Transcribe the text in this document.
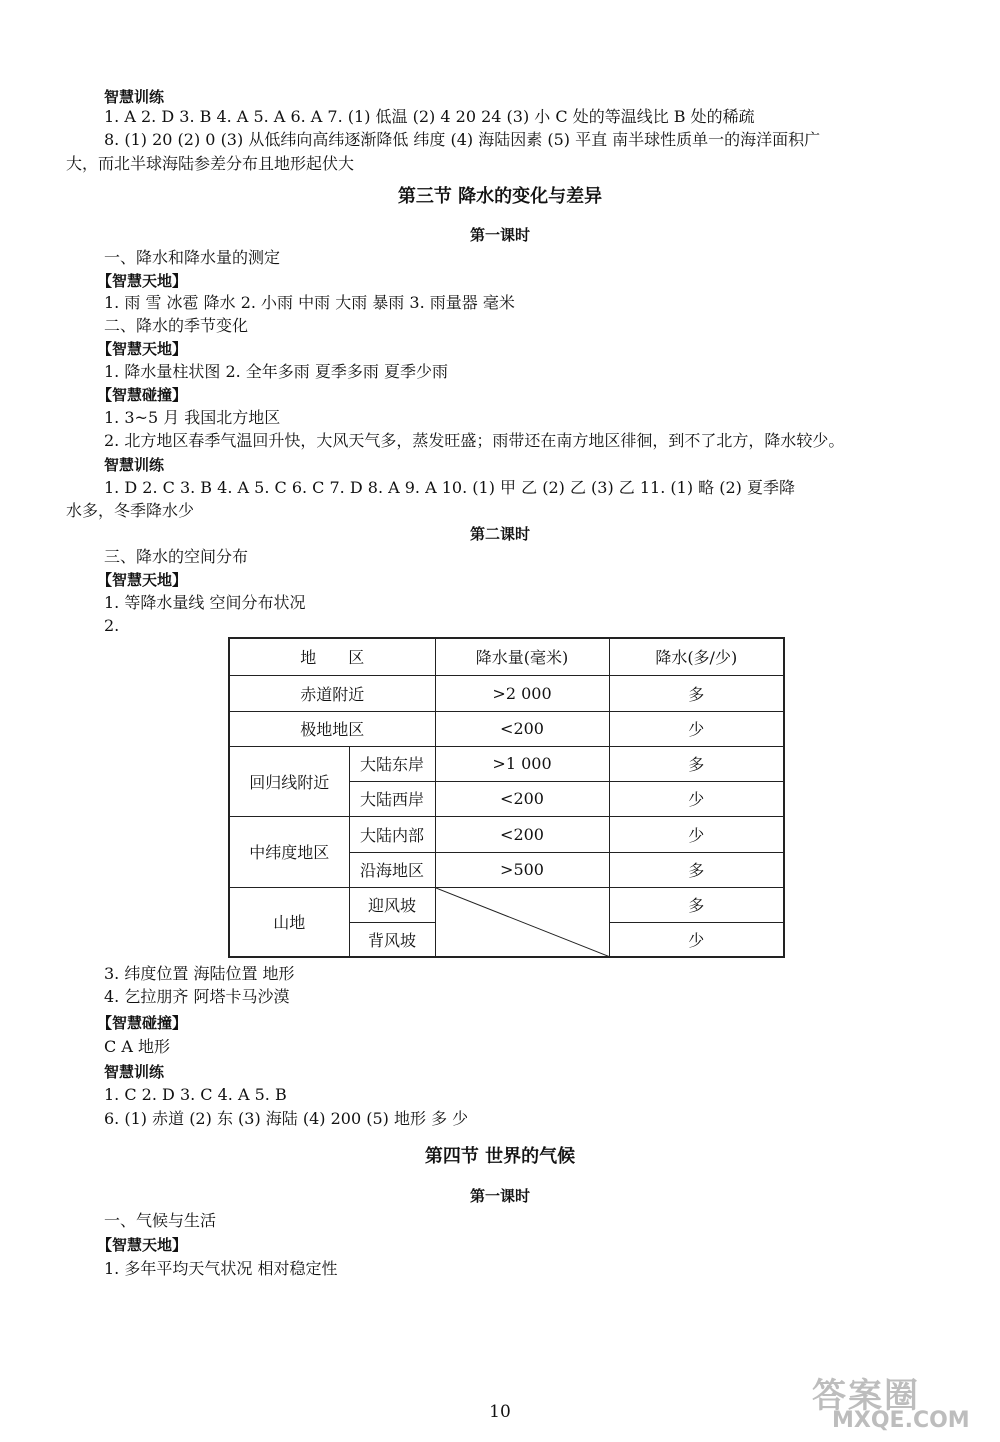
智慧训练
1. A 2. D 3. B 4. A 5. A 6. A 7. (1) 低温 (2) 4 20 24 (3) 小 C 处的等温线比 B 处的稀疏
8. (1) 20 (2) 0 (3) 从低纬向高纬逐渐降低 纬度 (4) 海陆因素 (5) 平直 南半球性质单一的海洋面积广
大，而北半球海陆参差分布且地形起伏大
第三节 降水的变化与差异
第一课时
一、降水和降水量的测定
【智慧天地】
1. 雨 雪 冰雹 降水 2. 小雨 中雨 大雨 暴雨 3. 雨量器 毫米
二、降水的季节变化
【智慧天地】
1. 降水量柱状图 2. 全年多雨 夏季多雨 夏季少雨
【智慧碰撞】
1. 3~5 月 我国北方地区
2. 北方地区春季气温回升快，大风天气多，蒸发旺盛；雨带还在南方地区徘徊，到不了北方，降水较少。
智慧训练
1. D 2. C 3. B 4. A 5. C 6. C 7. D 8. A 9. A 10. (1) 甲 乙 (2) 乙 (3) 乙 11. (1) 略 (2) 夏季降
水多，冬季降水少
第二课时
三、降水的空间分布
【智慧天地】
1. 等降水量线 空间分布状况
2.
地　　区		降水量(毫米)	降水(多/少)
赤道附近		>2 000	多
极地地区		<200	少
回归线附近	大陆东岸	>1 000	多
	大陆西岸	<200	少
中纬度地区	大陆内部	<200	少
	沿海地区	>500	多
山地	迎风坡		多
	背风坡		少
3. 纬度位置 海陆位置 地形
4. 乞拉朋齐 阿塔卡马沙漠
【智慧碰撞】
C A 地形
智慧训练
1. C 2. D 3. C 4. A 5. B
6. (1) 赤道 (2) 东 (3) 海陆 (4) 200 (5) 地形 多 少
第四节 世界的气候
第一课时
一、气候与生活
【智慧天地】
1. 多年平均天气状况 相对稳定性
10	答案圈
MXQE.COM
